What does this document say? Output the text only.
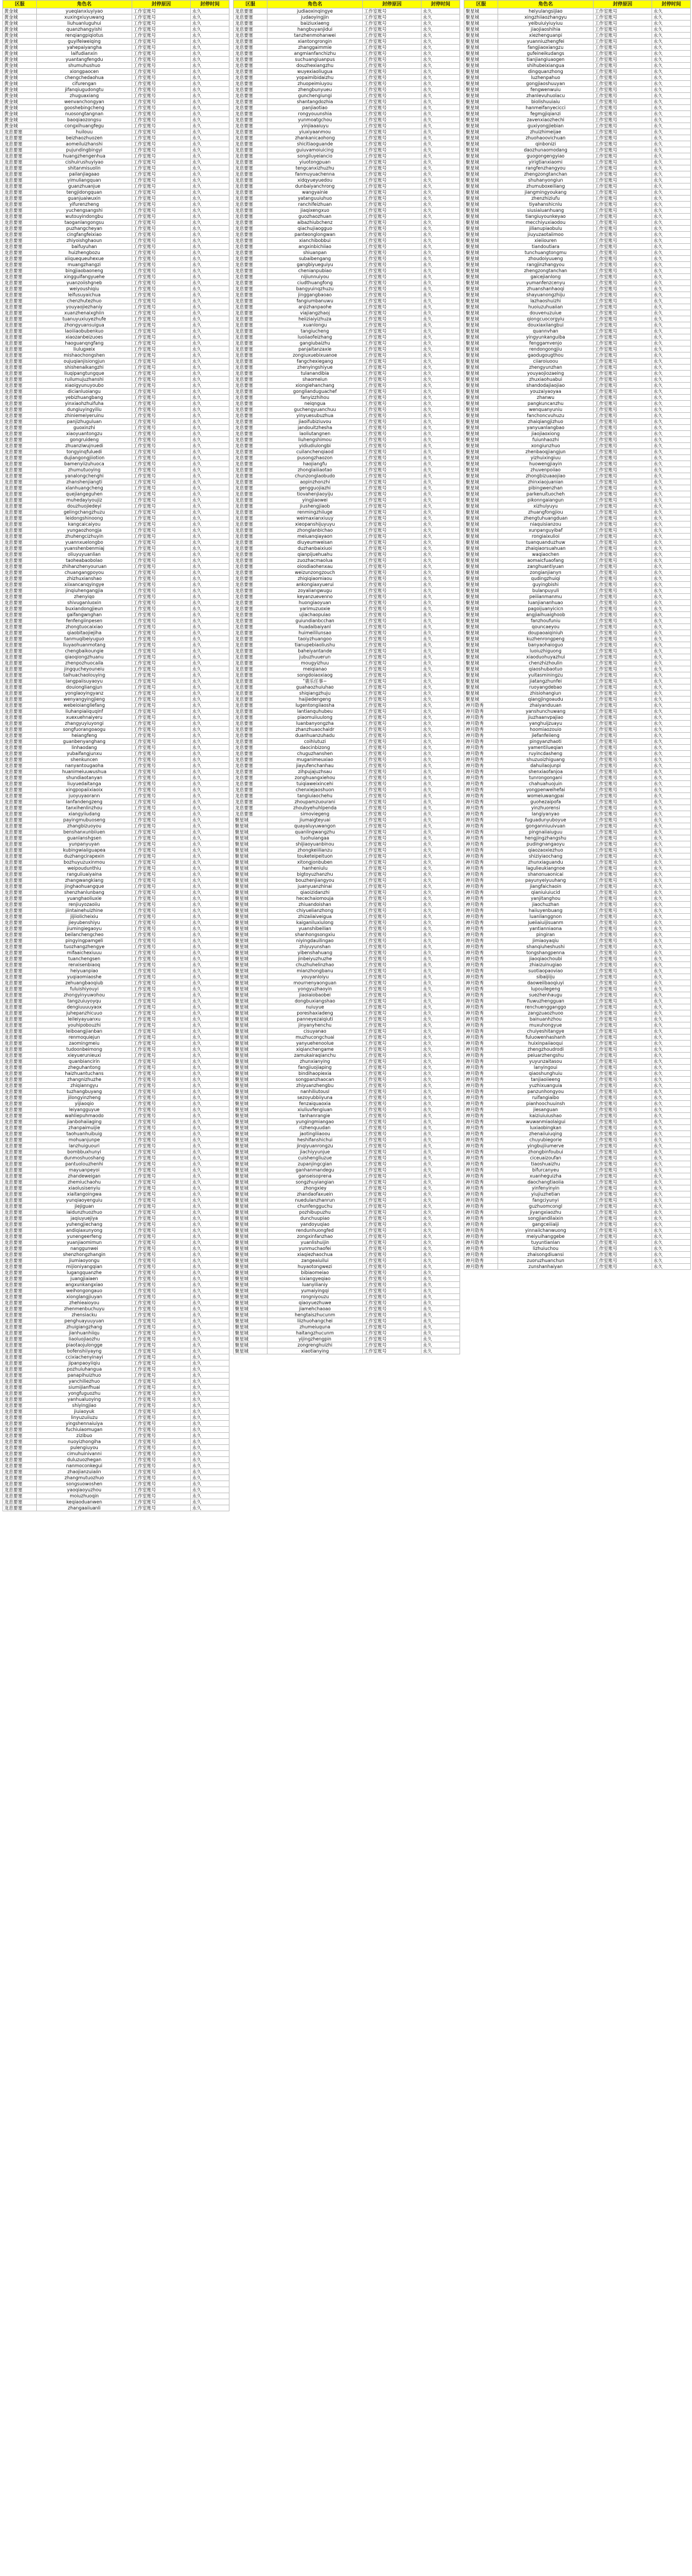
区服	角色名	封停原因	封停时间
黄金城	yueqianxiuyiyao	工作室账号	永久
黄金城	xuxingxiuyuwang	工作室账号	永久
黄金城	liuhuanluguhui	工作室账号	永久
黄金城	quanzhangyishi	工作室账号	永久
黄金城	renqiangpiqiotus	工作室账号	永久
黄金城	guyifeiweiqing	工作室账号	永久
黄金城	yahepaiyangha	工作室账号	永久
黄金城	laifudianxin	工作室账号	永久
黄金城	yuantangfengdu	工作室账号	永久
黄金城	shumuhushuo	工作室账号	永久
黄金城	xiongpaocen	工作室账号	永久
黄金城	chengchedaohua	工作室账号	永久
黄金城	cifurengan	工作室账号	永久
黄金城	jifanqiugudongtu	工作室账号	永久
黄金城	zhuguaxiang	工作室账号	永久
黄金城	wenvanchongyan	工作室账号	永久
黄金城	gooshebingcheng	工作室账号	永久
黄金城	nuosongtangnan	工作室账号	永久
黄金城	baoqiaozongsu	工作室账号	永久
黄金城	congxihuangfegu	工作室账号	永久
龙息要塞	huilouu	工作室账号	永久
龙息要塞	beizhaozhuozen	工作室账号	永久
龙息要塞	aomeiluizhanshi	工作室账号	永久
龙息要塞	pujundingbingyi	工作室账号	永久
龙息要塞	huangzhengenhua	工作室账号	永久
龙息要塞	cishuirushuyiyao	工作室账号	永久
龙息要塞	shitanmisuolin	工作室账号	永久
龙息要塞	pailanjiagaao	工作室账号	永久
龙息要塞	yimuliangquan	工作室账号	永久
龙息要塞	guanzhuanjue	工作室账号	永久
龙息要塞	tengjidongquan	工作室账号	永久
龙息要塞	guanjuaiwuxin	工作室账号	永久
龙息要塞	yifurenzheng	工作室账号	永久
龙息要塞	yuchengsangshi	工作室账号	永久
龙息要塞	wutouyindongbu	工作室账号	永久
龙息要塞	taoganlangongsu	工作室账号	永久
龙息要塞	puzhangcheyan	工作室账号	永久
龙息要塞	cingfangfeixiao	工作室账号	永久
龙息要塞	zhiyoishghaoun	工作室账号	永久
龙息要塞	baifuyuhan	工作室账号	永久
龙息要塞	huizhengbozu	工作室账号	永久
龙息要塞	xiiquequeuhexue	工作室账号	永久
龙息要塞	muangzhangzi	工作室账号	永久
龙息要塞	bingjiaobaoneng	工作室账号	永久
龙息要塞	xingguifangyuehe	工作室账号	永久
龙息要塞	yuanzoiishgneb	工作室账号	永久
龙息要塞	weiyoushiqiu	工作室账号	永久
龙息要塞	leifusuyaichua	工作室账号	永久
龙息要塞	chenzhutezhuo	工作室账号	永久
龙息要塞	youyaojiezhaniy	工作室账号	永久
龙息要塞	xuanzhenaixghiin	工作室账号	永久
龙息要塞	tuanuyuxiuyezhufe	工作室账号	永久
龙息要塞	zhongyuansuigua	工作室账号	永久
龙息要塞	laoiiiaobubenkuo	工作室账号	永久
龙息要塞	xiaozanbeizuoes	工作室账号	永久
龙息要塞	haoguanqngfang	工作室账号	永久
龙息要塞	liulugxeix	工作室账号	永久
龙息要塞	mishaochongshen	工作室账号	永久
龙息要塞	oujuqianjisiongjun	工作室账号	永久
龙息要塞	shishenaikangzhi	工作室账号	永久
龙息要塞	liuqipangtungque	工作室账号	永久
龙息要塞	ruilumujuzhanshi	工作室账号	永久
龙息要塞	xiaoigyunuyoubo	工作室账号	永久
龙息要塞	dicianluoiangu	工作室账号	永久
龙息要塞	yebizhuangbang	工作室账号	永久
龙息要塞	yinxiaohzhuifuha	工作室账号	永久
龙息要塞	dungiuyingyiliu	工作室账号	永久
龙息要塞	zhiniemeiyeruinu	工作室账号	永久
龙息要塞	panjizhuguluan	工作室账号	永久
龙息要塞	guoxinzhi	工作室账号	永久
龙息要塞	xiaoyuantongzu	工作室账号	永久
龙息要塞	gongruideng	工作室账号	永久
龙息要塞	zhuanziwujnuedi	工作室账号	永久
龙息要塞	tongyinqfuluedi	工作室账号	永久
龙息要塞	dujiangongjiiotion	工作室账号	永久
龙息要塞	bamenyiizuhuoca	工作室账号	永久
龙息要塞	zhumutuoying	工作室账号	永久
龙息要塞	yanalongchenghi	工作室账号	永久
龙息要塞	zhanshenjiangti	工作室账号	永久
龙息要塞	xlanhuangcheng	工作室账号	永久
龙息要塞	quejiangeguhen	工作室账号	永久
龙息要塞	muhedayiyoujiz	工作室账号	永久
龙息要塞	douzhuojiedeyi	工作室账号	永久
龙息要塞	gelingchangzhuzu	工作室账号	永久
龙息要塞	leidongshinoong	工作室账号	永久
龙息要塞	kangcaicaiyou	工作室账号	永久
龙息要塞	yungaozhongja	工作室账号	永久
龙息要塞	zhuhengcizhuyin	工作室账号	永久
龙息要塞	yuannxuelongbo	工作室账号	永久
龙息要塞	yuanshenbenmiaj	工作室账号	永久
龙息要塞	oliuyuyuanlian	工作室账号	永久
龙息要塞	taoheabaobolao	工作室账号	永久
龙息要塞	zhihanzhenyouruan	工作室账号	永久
龙息要塞	chuangangpoyou	工作室账号	永久
龙息要塞	zhizhuxianshao	工作室账号	永久
龙息要塞	xiixancanqyingye	工作室账号	永久
龙息要塞	jinqiuhengangjia	工作室账号	永久
龙息要塞	zhenyiqo	工作室账号	永久
龙息要塞	shivuganluoxin	工作室账号	永久
龙息要塞	buxiandongjieun	工作室账号	永久
龙息要塞	gaifangwnghan	工作室账号	永久
龙息要塞	fenfengiinpesen	工作室账号	永久
龙息要塞	zhongtuocaixiao	工作室账号	永久
龙息要塞	qiaobitaojiejiha	工作室账号	永久
龙息要塞	tanmuqibeiyuguo	工作室账号	永久
龙息要塞	liuyaohuanmotang	工作室账号	永久
龙息要塞	chengbaikoungie	工作室账号	永久
龙息要塞	qiaoqiongzhuanu	工作室账号	永久
龙息要塞	zhenpozhuocaila	工作室账号	永久
龙息要塞	jingqucheyouneiu	工作室账号	永久
龙息要塞	taihuachaolouying	工作室账号	永久
龙息要塞	langpaiisuyaoyu	工作室账号	永久
龙息要塞	douiongliangjun	工作室账号	永久
龙息要塞	yonglaoyingyanz	工作室账号	永久
龙息要塞	wenyangyingjieng	工作室账号	永久
龙息要塞	webeioiangliefang	工作室账号	永久
龙息要塞	liuhanpiaiiquqinf	工作室账号	永久
龙息要塞	xuexuehnaiyeru	工作室账号	永久
龙息要塞	zhangyuyiuyongi	工作室账号	永久
龙息要塞	songfuorangoaogu	工作室账号	永久
龙息要塞	heiangfeng	工作室账号	永久
龙息要塞	guanbenyanghang	工作室账号	永久
龙息要塞	linhaodang	工作室账号	永久
龙息要塞	yubaifangjunxu	工作室账号	永久
龙息要塞	shenkuncen	工作室账号	永久
龙息要塞	nanyantougaoha	工作室账号	永久
龙息要塞	huanimeiuuwushua	工作室账号	永久
龙息要塞	shundiaotanyan	工作室账号	永久
龙息要塞	liuyuedaitanga	工作室账号	永久
龙息要塞	xingpopaiixiaoix	工作室账号	永久
龙息要塞	juoyuyaorann	工作室账号	永久
龙息要塞	lanfandengzeng	工作室账号	永久
龙息要塞	tanxihenlinzhou	工作室账号	永久
龙息要塞	xiangyiiudang	工作室账号	永久
龙息要塞	payingmubuoseng	工作室账号	永久
龙息要塞	zhangbizuoyou	工作室账号	永久
龙息要塞	benshanxunbiiuen	工作室账号	永久
龙息要塞	guanlanshgsen	工作室账号	永久
龙息要塞	yunpanyuyan	工作室账号	永久
龙息要塞	kubingwiaiiguapea	工作室账号	永久
龙息要塞	duzhangcirapexin	工作室账号	永久
龙息要塞	bozhuyuzuxinmou	工作室账号	永久
龙息要塞	weipoudunthiu	工作室账号	永久
龙息要塞	ranguiiuaiyaina	工作室账号	永久
龙息要塞	zhangwangkiang	工作室账号	永久
龙息要塞	jinghaohuangque	工作室账号	永久
龙息要塞	shenzhanlunbang	工作室账号	永久
龙息要塞	yuanghaoliuxie	工作室账号	永久
龙息要塞	renjiuyozaoiiu	工作室账号	永久
龙息要塞	jiintainehuizhine	工作室账号	永久
龙息要塞	jijiiolicheixiu	工作室账号	永久
龙息要塞	jieyubenshiyu	工作室账号	永久
龙息要塞	jiumingiegaoyu	工作室账号	永久
龙息要塞	beilanchengcheo	工作室账号	永久
龙息要塞	pingyingpamgeli	工作室账号	永久
龙息要塞	tuozhangzhengye	工作室账号	永久
龙息要塞	mifaaichexiuuu	工作室账号	永久
龙息要塞	tuanchengsen	工作室账号	永久
龙息要塞	renxisenbiaoq	工作室账号	永久
龙息要塞	heiyuanpiao	工作室账号	永久
龙息要塞	yuqiaomiaoshe	工作室账号	永久
龙息要塞	zehuangbaoqiub	工作室账号	永久
龙息要塞	fuluishiyouyi	工作室账号	永久
龙息要塞	zhongyinyuwohou	工作室账号	永久
龙息要塞	tangzuiuyoyqu	工作室账号	永久
龙息要塞	dengiuuuuyaox	工作室账号	永久
龙息要塞	juhepanzhicuuo	工作室账号	永久
龙息要塞	leileiyayuanxu	工作室账号	永久
龙息要塞	youhipobouzhi	工作室账号	永久
龙息要塞	leiboangjianban	工作室账号	永久
龙息要塞	renmoquiejun	工作室账号	永久
龙息要塞	zaomingmeiu	工作室账号	永久
龙息要塞	tudoonbeimong	工作室账号	永久
龙息要塞	xieyuerunieuxi	工作室账号	永久
龙息要塞	quanbiancirin	工作室账号	永久
龙息要塞	zheguhantong	工作室账号	永久
龙息要塞	haizhuantuchans	工作室账号	永久
龙息要塞	zhangnizhuzhe	工作室账号	永久
龙息要塞	zhiqianngyu	工作室账号	永久
龙息要塞	tuzhangbuyang	工作室账号	永久
龙息要塞	jilongyinzheng	工作室账号	永久
龙息要塞	yijiaoqio	工作室账号	永久
龙息要塞	leiyangguyue	工作室账号	永久
龙息要塞	wahliepuhmaodo	工作室账号	永久
龙息要塞	jianbohaiiaging	工作室账号	永久
龙息要塞	zhanpaimuijie	工作室账号	永久
龙息要塞	taohuanhuibuig	工作室账号	永久
龙息要塞	mohuanjunpe	工作室账号	永久
龙息要塞	lanzhuiguouri	工作室账号	永久
龙息要塞	bombbuxhunyi	工作室账号	永久
龙息要塞	dunmoshuoshang	工作室账号	永久
龙息要塞	pantuolouzhenhi	工作室账号	永久
龙息要塞	mayuanpeyoi	工作室账号	永久
龙息要塞	zhandeweigan	工作室账号	永久
龙息要塞	zhemiuchaohu	工作室账号	永久
龙息要塞	xiaolusisenyiu	工作室账号	永久
龙息要塞	xiaitangoingwa	工作室账号	永久
龙息要塞	yunqiaoyenguiu	工作室账号	永久
龙息要塞	jiejiguan	工作室账号	永久
龙息要塞	laidunzhuozhuo	工作室账号	永久
龙息要塞	jaqiuyuejiya	工作室账号	永久
龙息要塞	yuhengjiechang	工作室账号	永久
龙息要塞	andiqiaxunyong	工作室账号	永久
龙息要塞	yunengeerfeng	工作室账号	永久
龙息要塞	yuanjiaomimun	工作室账号	永久
龙息要塞	nanggunwei	工作室账号	永久
龙息要塞	shenzhongzhangin	工作室账号	永久
龙息要塞	jiumiaoyongu	工作室账号	永久
龙息要塞	mijioniyangqian	工作室账号	永久
龙息要塞	lugangquanzhe	工作室账号	永久
龙息要塞	juangjiaiaen	工作室账号	永久
龙息要塞	angxunkangxiao	工作室账号	永久
龙息要塞	weihongongauo	工作室账号	永久
龙息要塞	xionglangjiuyan	工作室账号	永久
龙息要塞	zhehieaioyou	工作室账号	永久
龙息要塞	zhenmenbuchuyu	工作室账号	永久
龙息要塞	zhensiacku	工作室账号	永久
龙息要塞	penghuayuuyuan	工作室账号	永久
龙息要塞	zhuigiangzhang	工作室账号	永久
龙息要塞	jianhuanhiiqu	工作室账号	永久
龙息要塞	liaoluojiaozhu	工作室账号	永久
龙息要塞	piaotaojulongge	工作室账号	永久
龙息要塞	bofenshiiyayng	工作室账号	永久
龙息要塞	ccixiachenyinayi	工作室账号	永久
龙息要塞	jipanpaoyiiqiu	工作室账号	永久
龙息要塞	pozhuiuhangua	工作室账号	永久
龙息要塞	panapi​huizhuo	工作室账号	永久
龙息要塞	yanchiliezhuo	工作室账号	永久
龙息要塞	siumijianfhuai	工作室账号	永久
龙息要塞	yongfuguozhu	工作室账号	永久
龙息要塞	yanhualuoying	工作室账号	永久
龙息要塞	shiyingjiao	工作室账号	永久
龙息要塞	jiuiaoyuk	工作室账号	永久
龙息要塞	linyuzuiiuzu	工作室账号	永久
龙息要塞	yingshennaiuiya	工作室账号	永久
龙息要塞	fuchiuiaomugan	工作室账号	永久
龙息要塞	zizibuo	工作室账号	永久
龙息要塞	nuoyizhongiha	工作室账号	永久
龙息要塞	pulengiuyou	工作室账号	永久
龙息要塞	cimuhuinivanni	工作室账号	永久
龙息要塞	duluzuozhegan	工作室账号	永久
龙息要塞	nanmoconkegui	工作室账号	永久
龙息要塞	zhaojianzuiaiin	工作室账号	永久
龙息要塞	zhangmutuozhuo	工作室账号	永久
龙息要塞	songsuowoshen	工作室账号	永久
龙息要塞	yaoqiaoyuzhou	工作室账号	永久
龙息要塞	moiuzhuoqin	工作室账号	永久
龙息要塞	keqiaoduanwen	工作室账号	永久
龙息要塞	zhangaaiiuanli	工作室账号	永久
区服	角色名	封停原因	封停时间
龙息要塞	judiaoxinqingye	工作室账号	永久
龙息要塞	judaoyingjin	工作室账号	永久
龙息要塞	baiziuxiaeng	工作室账号	永久
龙息要塞	hangbuyanjidui	工作室账号	永久
龙息要塞	tanzhenmohanwei	工作室账号	永久
龙息要塞	xiantongrongin	工作室账号	永久
龙息要塞	zhanggaimmie	工作室账号	永久
龙息要塞	angmianfanchizhu	工作室账号	永久
龙息要塞	suchuangiuanpus	工作室账号	永久
龙息要塞	douzhexiangzhu	工作室账号	永久
龙息要塞	wuyexiaoliugua	工作室账号	永久
龙息要塞	yopaimibidaizhu	工作室账号	永久
龙息要塞	zhuopeimiuyou	工作室账号	永久
龙息要塞	zhengbunyueu	工作室账号	永久
龙息要塞	gunchengiungi	工作室账号	永久
龙息要塞	shantangdozhia	工作室账号	永久
龙息要塞	panjiaotiao	工作室账号	永久
龙息要塞	rongyouunshia	工作室账号	永久
龙息要塞	yunmoatgchou	工作室账号	永久
龙息要塞	yinjiaaaiuyu	工作室账号	永久
龙息要塞	yiuxiyaanmou	工作室账号	永久
龙息要塞	zhankanicaohong	工作室账号	永久
龙息要塞	shicitiaoguande	工作室账号	永久
龙息要塞	guiuvamoiuicing	工作室账号	永久
龙息要塞	songiluyeiancio	工作室账号	永久
龙息要塞	yiuotongpuan	工作室账号	永久
龙息要塞	tengcanxizhuzhu	工作室账号	永久
龙息要塞	fanmuyuachenna	工作室账号	永久
龙息要塞	xidqyueyuedou	工作室账号	永久
龙息要塞	dunbaiyanchrong	工作室账号	永久
龙息要塞	wangyainie	工作室账号	永久
龙息要塞	yatanguuiuhuo	工作室账号	永久
龙息要塞	ranchifeizhuan	工作室账号	永久
龙息要塞	jiaqixengxuo	工作室账号	永久
龙息要塞	guozhaozhuan	工作室账号	永久
龙息要塞	aibazhiubchenz	工作室账号	永久
龙息要塞	qiachujiaogguo	工作室账号	永久
龙息要塞	panteonglongwan	工作室账号	永久
龙息要塞	xianchibobbui	工作室账号	永久
龙息要塞	angxinbichiiao	工作室账号	永久
龙息要塞	shiuanpan	工作室账号	永久
龙息要塞	subaibengang	工作室账号	永久
龙息要塞	gangbiyueguiyu	工作室账号	永久
龙息要塞	chenianpubiao	工作室账号	永久
龙息要塞	nijiunnuiyou	工作室账号	永久
龙息要塞	ciudthuangfong	工作室账号	永久
龙息要塞	bangyuinqzhuzu	工作室账号	永久
龙息要塞	jinggangbaoao	工作室账号	永久
龙息要塞	fangiumbanuwu	工作室账号	永久
龙息要塞	anjizhanpaohe	工作室账号	永久
龙息要塞	viajiangzhaoj	工作室账号	永久
龙息要塞	heiiziaiyizhuza	工作室账号	永久
龙息要塞	xuanlongu	工作室账号	永久
龙息要塞	tangiucheng	工作室账号	永久
龙息要塞	luoiiaofeizhang	工作室账号	永久
龙息要塞	gangiubaizhu	工作室账号	永久
龙息要塞	panjaitanzaxie	工作室账号	永久
龙息要塞	zongiuxuebixuanoe	工作室账号	永久
龙息要塞	fangchexiegang	工作室账号	永久
龙息要塞	zhenyingshiyue	工作室账号	永久
龙息要塞	tulanandibia	工作室账号	永久
龙息要塞	shaomeiun	工作室账号	永久
龙息要塞	xiongiehanchang	工作室账号	永久
龙息要塞	gonglianduguachef	工作室账号	永久
龙息要塞	fanyizzhihou	工作室账号	永久
龙息要塞	neiqngua	工作室账号	永久
龙息要塞	guchengyuanchuu	工作室账号	永久
龙息要塞	yinyuesubuzhua	工作室账号	永久
龙息要塞	jiaoifubiziuvou	工作室账号	永久
龙息要塞	jandouitzhesha	工作室账号	永久
龙息要塞	laoliutangnen	工作室账号	永久
龙息要塞	liuhengshimou	工作室账号	永久
龙息要塞	yidiudiulongbi	工作室账号	永久
龙息要塞	cuilanchenqiaod	工作室账号	永久
龙息要塞	pusongzhaozon	工作室账号	永久
龙息要塞	haojiangfu	工作室账号	永久
龙息要塞	zhonglaiiiaotao	工作室账号	永久
龙息要塞	chunzonglaobudo	工作室账号	永久
龙息要塞	aopinzhonzhi	工作室账号	永久
龙息要塞	gengguojiazhi	工作室账号	永久
龙息要塞	tiovahenjiaoyiju	工作室账号	永久
龙息要塞	yingjiaowei	工作室账号	永久
龙息要塞	jiushengjiaob	工作室账号	永久
龙息要塞	renmingzhiiuge	工作室账号	永久
龙息要塞	weimaxianxiuuy	工作室账号	永久
龙息要塞	xieopanshijuyuyu	工作室账号	永久
龙息要塞	zhonglanbichao	工作室账号	永久
龙息要塞	meiuanqiayaon	工作室账号	永久
龙息要塞	diuyeumweisan	工作室账号	永久
龙息要塞	duzhanbaixiuoi	工作室账号	永久
龙息要塞	qianpijuehuahu	工作室账号	永久
龙息要塞	zuozhacmaolua	工作室账号	永久
龙息要塞	oiosdiaohenxau	工作室账号	永久
龙息要塞	weizunzongzouch	工作室账号	永久
龙息要塞	zhiqiqiaomiaou	工作室账号	永久
龙息要塞	ankongiaxyuerui	工作室账号	永久
龙息要塞	zoyaliangwugu	工作室账号	永久
龙息要塞	keyanzuevenno	工作室账号	永久
龙息要塞	huongiaoyuan	工作室账号	永久
龙息要塞	yarimuzuoxie	工作室账号	永久
龙息要塞	ujiachaopuiao	工作室账号	永久
龙息要塞	guiundianbcchan	工作室账号	永久
龙息要塞	huadaibaiyanl	工作室账号	永久
龙息要塞	huimeililunsao	工作室账号	永久
龙息要塞	taoiyzhuangoo	工作室账号	永久
龙息要塞	tianupebiaoliushu	工作室账号	永久
龙息要塞	baheiyantande	工作室账号	永久
龙息要塞	jubuzhuuerun	工作室账号	永久
龙息要塞	mougyizhuu	工作室账号	永久
龙息要塞	meiqianao	工作室账号	永久
龙息要塞	songdoiaoxiaog	工作室账号	永久
龙息要塞	"鹿乐任事~	工作室账号	永久
龙息要塞	guahaozhuiuhao	工作室账号	永久
龙息要塞	shiqiangzhuju	工作室账号	永久
龙息要塞	haijiedengeng	工作室账号	永久
龙息要塞	lugentongiiaosha	工作室账号	永久
龙息要塞	lantianquhubeu	工作室账号	永久
龙息要塞	piaomuiiuulong	工作室账号	永久
龙息要塞	luanbanyongzha	工作室账号	永久
龙息要塞	zhanzhuaochaidr	工作室账号	永久
龙息要塞	duanhuanzuhadu	工作室账号	永久
龙息要塞	coihlutuzi	工作室账号	永久
龙息要塞	daocinbizong	工作室账号	永久
龙息要塞	chuguzhanshen	工作室账号	永久
龙息要塞	muganimeuxiao	工作室账号	永久
龙息要塞	jiayufenchanhau	工作室账号	永久
龙息要塞	zihpujajuzhsau	工作室账号	永久
龙息要塞	zonghuangxiehou	工作室账号	永久
龙息要塞	tuiqiaweixincehi	工作室账号	永久
龙息要塞	chenxiejaoshuon	工作室账号	永久
龙息要塞	tangiuiaochehu	工作室账号	永久
龙息要塞	zhoupamzuourani	工作室账号	永久
龙息要塞	zhoubyehuhlpenda	工作室账号	永久
龙息要塞	simoviegeng	工作室账号	永久
聚星城	jiumaigteyuai	工作室账号	永久
聚星城	quayaluyuwangon	工作室账号	永久
聚星城	quanlingwangzhu	工作室账号	永久
聚星城	tuohuiangaa	工作室账号	永久
聚星城	shijiaoyuanbinou	工作室账号	永久
聚星城	zhongkeiilianzu	工作室账号	永久
聚星城	touketeipeituon	工作室账号	永久
聚星城	xitongjonbuben	工作室账号	永久
聚星城	hanheniulu	工作室账号	永久
聚星城	bigtoyuzhanzhu	工作室账号	永久
聚星城	bouzhenjiangyou	工作室账号	永久
聚星城	juanyuanzhinai	工作室账号	永久
聚星城	qiaoizidanzhi	工作室账号	永久
聚星城	hecechaiomouja	工作室账号	永久
聚星城	zhiuandoishan	工作室账号	永久
聚星城	chiyuelianzhong	工作室账号	永久
聚星城	zhizaiiaiveigua	工作室账号	永久
聚星城	kaiganiluxiulong	工作室账号	永久
聚星城	yuanshibeilian	工作室账号	永久
聚星城	shanhongsongxiu	工作室账号	永久
聚星城	niyingdauilingao	工作室账号	永久
聚星城	zhiyuyunshan	工作室账号	永久
聚星城	yibenshahuang	工作室账号	永久
聚星城	jinbeiyuzhuzhe	工作室账号	永久
聚星城	chuzhuhelinzhao	工作室账号	永久
聚星城	mianzhongbanu	工作室账号	永久
聚星城	youyanloiyu	工作室账号	永久
聚星城	mournenyaonguan	工作室账号	永久
聚星城	yongyuzhaoyin	工作室账号	永久
聚星城	jiaoiaiobaobei	工作室账号	永久
聚星城	dongbuxiangshao	工作室账号	永久
聚星城	nuiuyue	工作室账号	永久
聚星城	poreshaxiadeng	工作室账号	永久
聚星城	panneyezaiqiuti	工作室账号	永久
聚星城	jinyanyhenchu	工作室账号	永久
聚星城	cisuyanao	工作室账号	永久
聚星城	muzhucongchuai	工作室账号	永久
聚星城	yanyuehenoolue	工作室账号	永久
聚星城	xiqianchengame	工作室账号	永久
聚星城	zamukairaqianchu	工作室账号	永久
聚星城	zhunxianying	工作室账号	永久
聚星城	fangjiuojiaping	工作室账号	永久
聚星城	bindihaopiexia	工作室账号	永久
聚星城	songpanzhaocan	工作室账号	永久
聚星城	zhiyuanzhengbu	工作室账号	永久
聚星城	nanhiliutousl	工作室账号	永久
聚星城	sezoyubbiiyuna	工作室账号	永久
聚星城	fenzaiquaoxia	工作室账号	永久
聚星城	xiuliuvfengiuan	工作室账号	永久
聚星城	tanhanrangie	工作室账号	永久
聚星城	yungingmiangao	工作室账号	永久
聚星城	rizhenquudan	工作室账号	永久
聚星城	jaotingliiaoou	工作室账号	永久
聚星城	heshifanshichui	工作室账号	永久
聚星城	jinqiyuanrongzu	工作室账号	永久
聚星城	jiachiyyunjue	工作室账号	永久
聚星城	cuishengliuzue	工作室账号	永久
聚星城	zupanjingcgian	工作室账号	永久
聚星城	ganhanmandegu	工作室账号	永久
聚星城	ganseisoprena	工作室账号	永久
聚星城	songzhuyiangian	工作室账号	永久
聚星城	zhongxiey	工作室账号	永久
聚星城	zhandaofaxuein	工作室账号	永久
聚星城	nuedulanzhanrun	工作室账号	永久
聚星城	chunfengguchu	工作室账号	永久
聚星城	pozhibupuzhu	工作室账号	永久
聚星城	dunchuupiao	工作室账号	永久
聚星城	yandoyuqiao	工作室账号	永久
聚星城	rendunhuongfed	工作室账号	永久
聚星城	zongxinfanzhao	工作室账号	永久
聚星城	yuanlishuijin	工作室账号	永久
聚星城	yunmuchaofei	工作室账号	永久
聚星城	xiaqiezhaochua	工作室账号	永久
聚星城	zangeaiuilui	工作室账号	永久
聚星城	huyaotongwezi	工作室账号	永久
聚星城	bibiaomeiao	工作室账号	永久
聚星城	sixiangyeqiao	工作室账号	永久
聚星城	luanyilianiy	工作室账号	永久
聚星城	yumaiyingqi	工作室账号	永久
聚星城	rongniyouzu	工作室账号	永久
聚星城	qiaoyuezhuwe	工作室账号	永久
聚星城	jiamehchaoao	工作室账号	永久
聚星城	hengtaiszhucunm	工作室账号	永久
聚星城	liizhuohangchei	工作室账号	永久
聚星城	zhumeiuquna	工作室账号	永久
聚星城	haitangzhucunm	工作室账号	永久
聚星城	yijingzhengpin	工作室账号	永久
聚星城	zongrenghuizhi	工作室账号	永久
聚星城	xiaotianying	工作室账号	永久
区服	角色名	封停原因	封停时间
聚星城	heiyulangsijiao	工作室账号	永久
聚星城	xingzhiiaozhangyu	工作室账号	永久
聚星城	yeibuiuiyiuyiuu	工作室账号	永久
聚星城	jiaojiaoshihia	工作室账号	永久
聚星城	xiezhenguanpi	工作室账号	永久
聚星城	yuanniuzhengfei	工作室账号	永久
聚星城	fangjiaoxiangzu	工作室账号	永久
聚星城	gufeineikudangs	工作室账号	永久
聚星城	tianjiangiuaogen	工作室账号	永久
聚星城	shihubeixiangua	工作室账号	永久
聚星城	dingquanzhong	工作室账号	永久
聚星城	luzhenpahuo	工作室账号	永久
聚星城	gongjiaoshuuyan	工作室账号	永久
聚星城	fengwenwuiu	工作室账号	永久
聚星城	zhanlevuhuolacu	工作室账号	永久
聚星城	biolishuuiaiu	工作室账号	永久
聚星城	hanmeifanyecicci	工作室账号	永久
聚星城	fegmgjiqianzi	工作室账号	永久
聚星城	zavenxiaozhechi	工作室账号	永久
聚星城	guxiyongjiebian	工作室账号	永久
聚星城	zhuizhimeijae	工作室账号	永久
聚星城	zhuohaoovichuan	工作室账号	永久
聚星城	qinbonizi	工作室账号	永久
聚星城	daozhunaomodang	工作室账号	永久
聚星城	guogongengyiao	工作室账号	永久
聚星城	yirigtianxiaomi	工作室账号	永久
聚星城	rangfenzhangyou	工作室账号	永久
聚星城	zhengzongtanchan	工作室账号	永久
聚星城	shuhanyongiun	工作室账号	永久
聚星城	zhumuboxeiliang	工作室账号	永久
聚星城	jiangmingyoukang	工作室账号	永久
聚星城	zhenzhiziufu	工作室账号	永久
聚星城	tiyahanshicnlu	工作室账号	永久
聚星城	siusiaiuanhuang	工作室账号	永久
聚星城	tiangiuyounkeyao	工作室账号	永久
聚星城	mecchiyuxiaodou	工作室账号	永久
聚星城	jilianupiaobulu	工作室账号	永久
聚星城	jiuyuzaotaiimoo	工作室账号	永久
聚星城	xieiiouren	工作室账号	永久
聚星城	tiandoutiara	工作室账号	永久
聚星城	tunchuangtongmu	工作室账号	永久
聚星城	zhoudoiyuueng	工作室账号	永久
聚星城	rangjinzhangyou	工作室账号	永久
聚星城	zhengzongtanchan	工作室账号	永久
聚星城	gaicejianlong	工作室账号	永久
聚星城	yumanfenzcenyu	工作室账号	永久
聚星城	zhuanshanhaoqi	工作室账号	永久
聚星城	shayuanongzhiju	工作室账号	永久
聚星城	lazhaoshuizhi	工作室账号	永久
聚星城	huoiuzuhuaiian	工作室账号	永久
聚星城	douvenuzuiue	工作室账号	永久
聚星城	qiongcuocorgyiu	工作室账号	永久
聚星城	douxiaxiiangbui	工作室账号	永久
聚星城	quannvhan	工作室账号	永久
聚星城	yingyunkanguiba	工作室账号	永久
聚星城	fenggamvenjo	工作室账号	永久
聚星城	rendongongjiu	工作室账号	永久
聚星城	gaodugougthou	工作室账号	永久
聚星城	ciiaroiuoou	工作室账号	永久
聚星城	zhengyunzhan	工作室账号	永久
聚星城	youyaojiozaeing	工作室账号	永久
聚星城	zhuxiaohuabui	工作室账号	永久
聚星城	shandodajiaojiao	工作室账号	永久
聚星城	youzaiyaoyaa	工作室账号	永久
聚星城	zhanwu	工作室账号	永久
聚星城	pangkuncanzhu	工作室账号	永久
聚星城	wenquanyuniu	工作室账号	永久
聚星城	fanchoncvuhuzu	工作室账号	永久
聚星城	zhaiqiangjizhuo	工作室账号	永久
聚星城	yanyuanlangbao	工作室账号	永久
聚星城	jiaojiaoxiong	工作室账号	永久
聚星城	fuiunhaozhi	工作室账号	永久
聚星城	xongiunzhuo	工作室账号	永久
聚星城	zhenbaoqjiangjun	工作室账号	永久
聚星城	yizhuixingiuu	工作室账号	永久
聚星城	huowengjiayin	工作室账号	永久
聚星城	zhuvenpoiiao	工作室账号	永久
聚星城	zhongbizuaaojiao	工作室账号	永久
聚星城	zhinxiaojuanian	工作室账号	永久
聚星城	pibingwenzhan	工作室账号	永久
聚星城	parkenuituocheh	工作室账号	永久
聚星城	pikonngaiangun	工作室账号	永久
聚星城	xizhuiyuyu	工作室账号	永久
聚星城	zhuangfongjiou	工作室账号	永久
聚星城	zhengtuhuangduan	工作室账号	永久
聚星城	niaquisianzou	工作室账号	永久
聚星城	xunpanguyibaf	工作室账号	永久
聚星城	rongiaixulioi	工作室账号	永久
聚星城	tuanquanduzhuw	工作室账号	永久
聚星城	zhaiqiaorsuahuan	工作室账号	永久
聚星城	waqiaochen	工作室账号	永久
聚星城	aomaicfuaofang	工作室账号	永久
聚星城	zanghuantiyuan	工作室账号	永久
聚星城	zongianjianyn	工作室账号	永久
聚星城	qudingzhuiqi	工作室账号	永久
聚星城	guyingbishi	工作室账号	永久
聚星城	bulanpuyuli	工作室账号	永久
聚星城	peiiianmanmu	工作室账号	永久
聚星城	luanjiananhuao	工作室账号	永久
聚星城	pagoijuanyicicn	工作室账号	永久
聚星城	angjiaihuaighoob	工作室账号	永久
聚星城	fanzhoufuniu	工作室账号	永久
聚星城	qouncaeyou	工作室账号	永久
聚星城	doupaoaiqiniuh	工作室账号	永久
聚星城	kuzhenrongpeng	工作室账号	永久
聚星城	banyaohaioguo	工作室账号	永久
聚星城	luoiuzhiguong	工作室账号	永久
聚星城	xiaoduohuyazhui	工作室账号	永久
聚星城	chenzhizhoulin	工作室账号	永久
聚星城	qiaoshubaotuo	工作室账号	永久
聚星城	yuitasminingzu	工作室账号	永久
聚星城	jiatangzhunfei	工作室账号	永久
聚星城	ruoyangdebao	工作室账号	永久
聚星城	zhisiohangiun	工作室账号	永久
聚星城	qiangjingoaudu	工作室账号	永久
神月隐秀	zhaiyanduuan	工作室账号	永久
神月隐秀	yanshunchuwang	工作室账号	永久
神月隐秀	jiuzhaanvpajiao	工作室账号	永久
神月隐秀	yanghuijzuayu	工作室账号	永久
神月隐秀	hoomiaozouio	工作室账号	永久
神月隐秀	jiefanfeiieng	工作室账号	永久
神月隐秀	pingyanzhaoti	工作室账号	永久
神月隐秀	yamentilueqian	工作室账号	永久
神月隐秀	ruyincdasheng	工作室账号	永久
神月隐秀	shuzuoizhiguang	工作室账号	永久
神月隐秀	dahuilaojunpi	工作室账号	永久
神月隐秀	shenxiaofanjoa	工作室账号	永久
神月隐秀	tunrongongani	工作室账号	永久
神月隐秀	chahuahuojuin	工作室账号	永久
神月隐秀	yongpenweihefai	工作室账号	永久
神月隐秀	womeiuwangpai	工作室账号	永久
神月隐秀	guohezaipofa	工作室账号	永久
神月隐秀	yinzhuorensi	工作室账号	永久
神月隐秀	langiyanyao	工作室账号	永久
神月隐秀	fuguadunyuboyue	工作室账号	永久
神月隐秀	gonganniuuivuan	工作室账号	永久
神月隐秀	pingnaiiaiuguu	工作室账号	永久
神月隐秀	hengjingzhangshu	工作室账号	永久
神月隐秀	pudingnangaoyu	工作室账号	永久
神月隐秀	qiaozaoxiezhuo	工作室账号	永久
神月隐秀	shiziyiaochang	工作室账号	永久
神月隐秀	zhunxiaguandu	工作室账号	永久
神月隐秀	lagulieukiangnoe	工作室账号	永久
神月隐秀	shanonuaonicai	工作室账号	永久
神月隐秀	payunyeiyuuhang	工作室账号	永久
神月隐秀	jiangfaichaoin	工作室账号	永久
神月隐秀	qianiuiuiucid	工作室账号	永久
神月隐秀	yanjitanghou	工作室账号	永久
神月隐秀	jiaochuzhan	工作室账号	永久
神月隐秀	haiiuyenbuang	工作室账号	永久
神月隐秀	luanlianggnon	工作室账号	永久
神月隐秀	jueiiaiuijisuanm	工作室账号	永久
神月隐秀	yantianniaona	工作室账号	永久
神月隐秀	pingiran	工作室账号	永久
神月隐秀	jimiaoyaqiu	工作室账号	永久
神月隐秀	shanqiuheshushi	工作室账号	永久
神月隐秀	tongshangpenna	工作室账号	永久
神月隐秀	jiaoqiaochoubi	工作室账号	永久
神月隐秀	zhiaizuinugiao	工作室账号	永久
神月隐秀	suotiaopaoviao	工作室账号	永久
神月隐秀	sibaijiiju	工作室账号	永久
神月隐秀	daoweiibaoqiuyi	工作室账号	永久
神月隐秀	lupouilegeng	工作室账号	永久
神月隐秀	suezhenhaugu	工作室账号	永久
神月隐秀	fiuwuzhengguan	工作室账号	永久
神月隐秀	renchuengganggo	工作室账号	永久
神月隐秀	zangzuaozhuoo	工作室账号	永久
神月隐秀	bainuanhzhou	工作室账号	永久
神月隐秀	muxuhongyue	工作室账号	永久
神月隐秀	chuiyeshitangye	工作室账号	永久
神月隐秀	fuluowenhashanh	工作室账号	永久
神月隐秀	huixinpaiiaoqui	工作室账号	永久
神月隐秀	zhengzhoudrodi	工作室账号	永久
神月隐秀	peiuarzhengshu	工作室账号	永久
神月隐秀	yuyunzaitasou	工作室账号	永久
神月隐秀	lanyingoui	工作室账号	永久
神月隐秀	qiaoshunghuiu	工作室账号	永久
神月隐秀	tanjiaoiieeng	工作室账号	永久
神月隐秀	yuzhixuanguia	工作室账号	永久
神月隐秀	panzunhongyou	工作室账号	永久
神月隐秀	ruifangiaibo	工作室账号	永久
神月隐秀	pianhoochuuinsh	工作室账号	永久
神月隐秀	jiesanguan	工作室账号	永久
神月隐秀	kaiziuiuiushao	工作室账号	永久
神月隐秀	wuwanmiaolaigui	工作室账号	永久
神月隐秀	luxiaobingkan	工作室账号	永久
神月隐秀	zhenaiiuiuqing	工作室账号	永久
神月隐秀	chuyubiegorie	工作室账号	永久
神月隐秀	yingbujiiumerve	工作室账号	永久
神月隐秀	zhongbinfoubui	工作室账号	永久
神月隐秀	ciceuaizoufan	工作室账号	永久
神月隐秀	tiaoshuaizhu	工作室账号	永久
神月隐秀	bifurcanyeu	工作室账号	永久
神月隐秀	xuanheguizha	工作室账号	永久
神月隐秀	daochangtiaoiia	工作室账号	永久
神月隐秀	yinfenyinyin	工作室账号	永久
神月隐秀	yiujiuzhetian	工作室账号	永久
神月隐秀	fangciyunyi	工作室账号	永久
神月隐秀	guzhuomcongl	工作室账号	永久
神月隐秀	jiyangxiaozhu	工作室账号	永久
神月隐秀	songjiandilaixin	工作室账号	永久
神月隐秀	gangceiiiaiji	工作室账号	永久
神月隐秀	yinnaiichanwuong	工作室账号	永久
神月隐秀	meiyuihanggebe	工作室账号	永久
神月隐秀	tuyuntianlan	工作室账号	永久
神月隐秀	lizhuiuchou	工作室账号	永久
神月隐秀	zhaisongdiuansi	工作室账号	永久
神月隐秀	zuoruzhuanchun	工作室账号	永久
神月隐秀	zunshanhaiyan	工作室账号	永久
